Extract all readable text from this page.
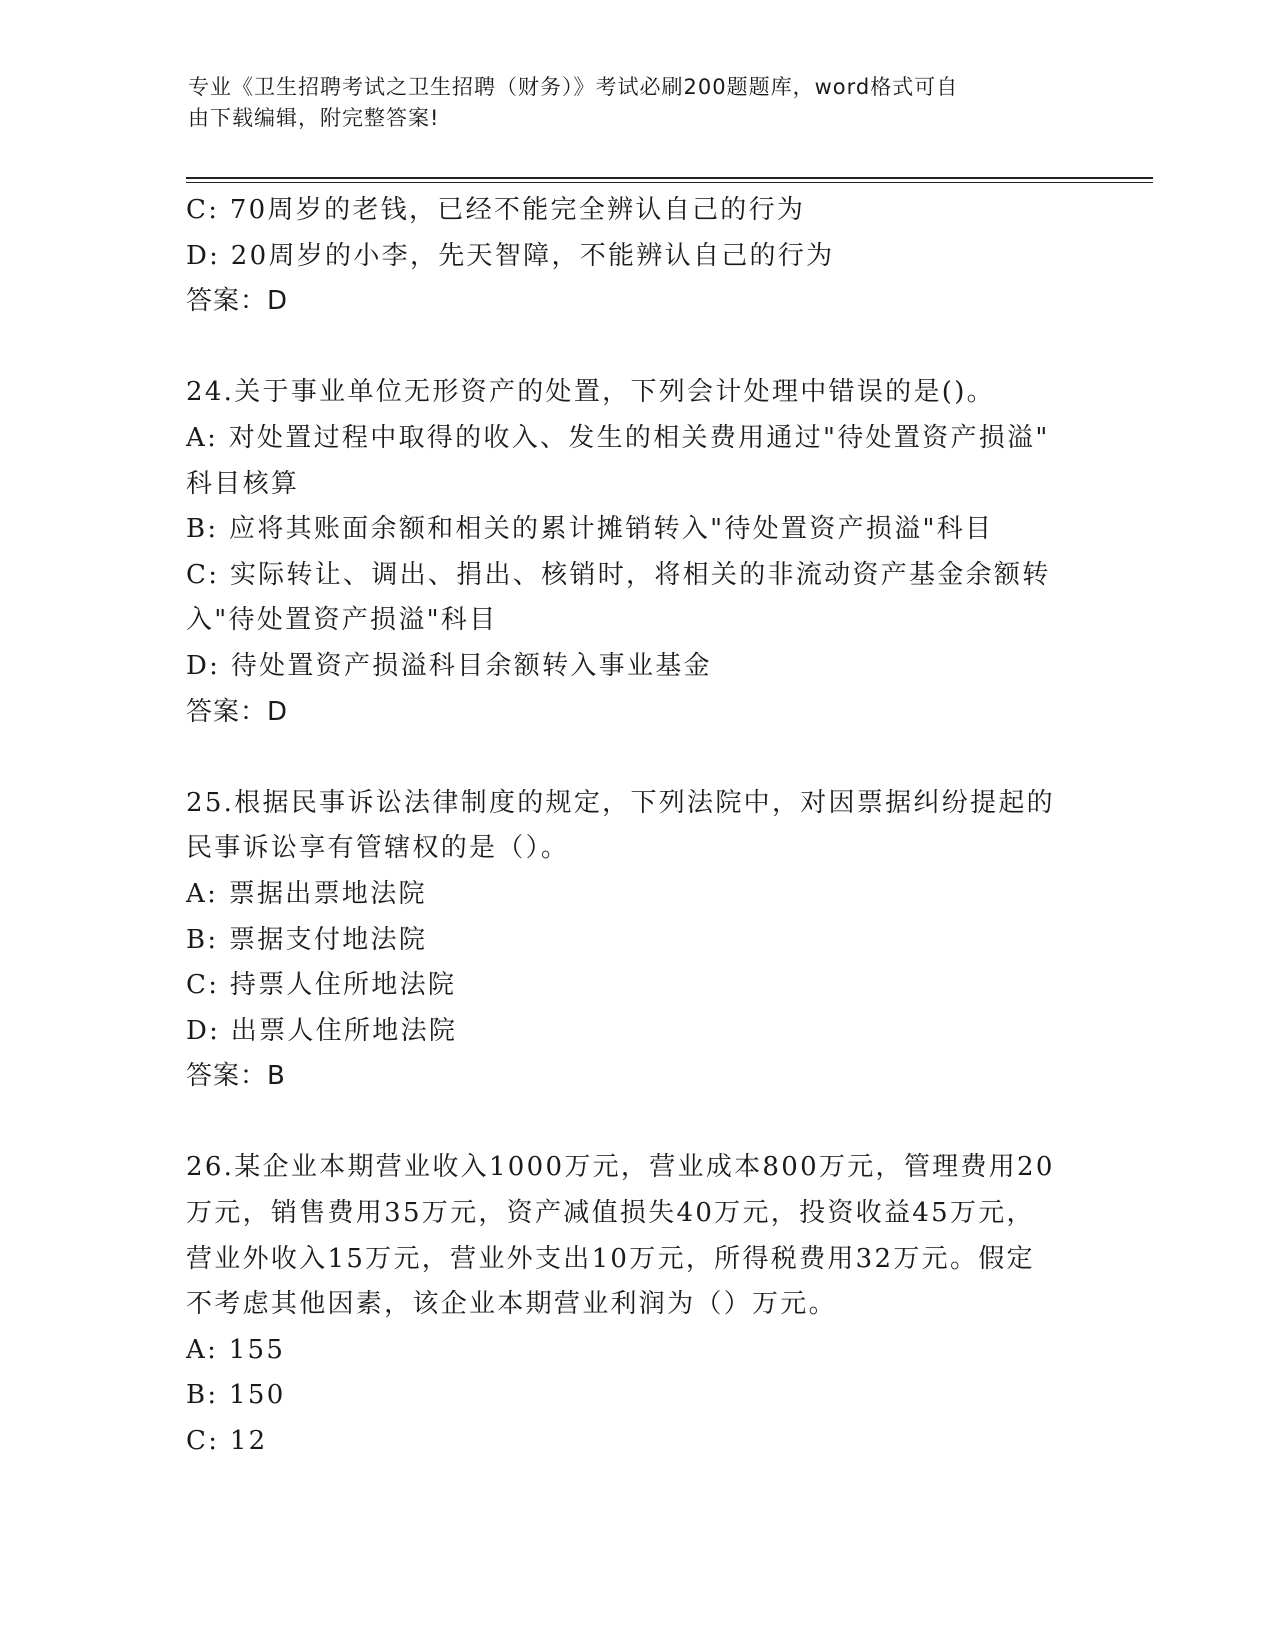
专业《卫生招聘考试之卫生招聘（财务）》考试必刷200题题库，word格式可自
由下载编辑，附完整答案!
C: 70周岁的老钱，已经不能完全辨认自己的行为
D: 20周岁的小李，先天智障，不能辨认自己的行为
答案：D
24.关于事业单位无形资产的处置，下列会计处理中错误的是()。
A: 对处置过程中取得的收入、发生的相关费用通过"待处置资产损溢"
科目核算
B: 应将其账面余额和相关的累计摊销转入"待处置资产损溢"科目
C: 实际转让、调出、捐出、核销时，将相关的非流动资产基金余额转
入"待处置资产损溢"科目
D: 待处置资产损溢科目余额转入事业基金
答案：D
25.根据民事诉讼法律制度的规定，下列法院中，对因票据纠纷提起的
民事诉讼享有管辖权的是（）。
A: 票据出票地法院
B: 票据支付地法院
C: 持票人住所地法院
D: 出票人住所地法院
答案：B
26.某企业本期营业收入1000万元，营业成本800万元，管理费用20
万元，销售费用35万元，资产减值损失40万元，投资收益45万元，
营业外收入15万元，营业外支出10万元，所得税费用32万元。假定
不考虑其他因素，该企业本期营业利润为（）万元。
A: 155
B: 150
C: 12
